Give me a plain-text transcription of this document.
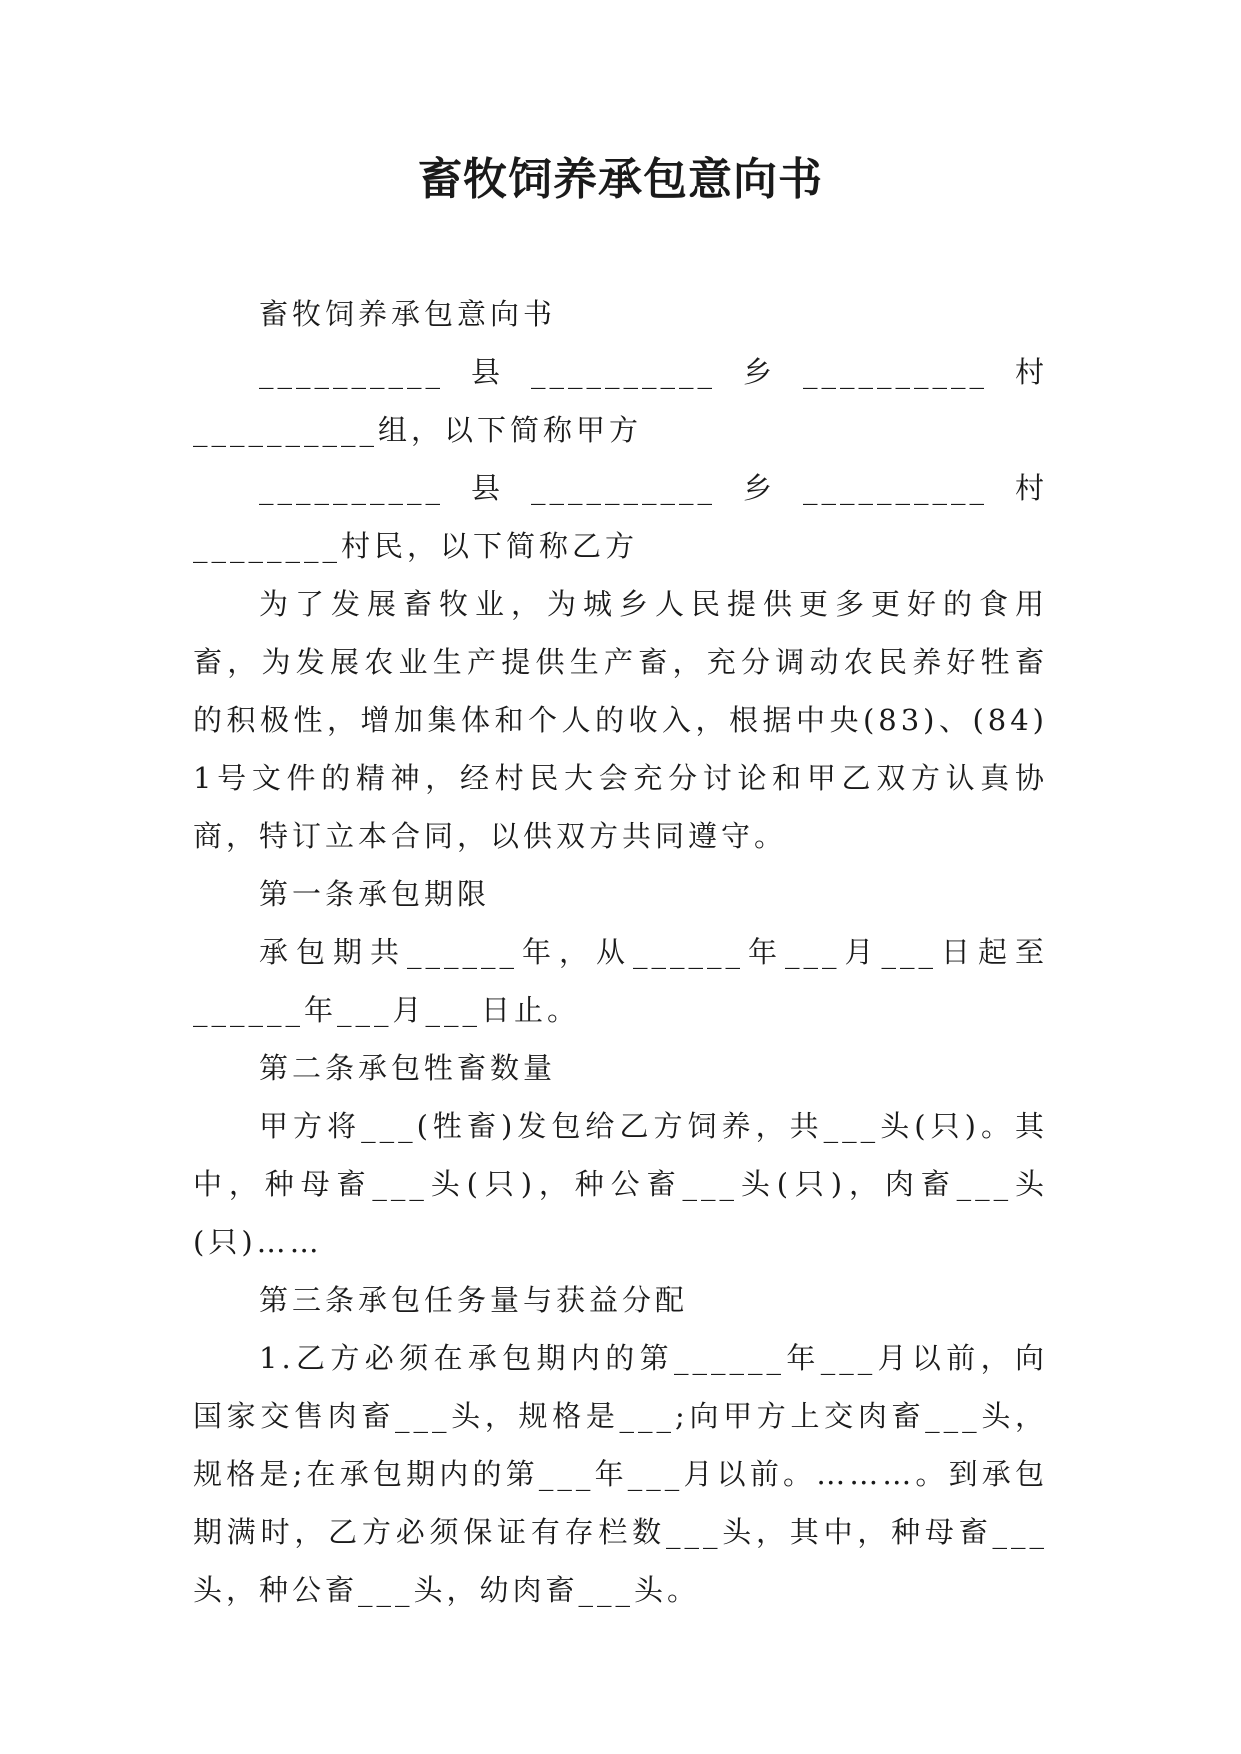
畜牧饲养承包意向书

畜牧饲养承包意向书

__________县__________乡__________村__________组，以下简称甲方

__________县__________乡__________村________村民，以下简称乙方

为了发展畜牧业，为城乡人民提供更多更好的食用畜，为发展农业生产提供生产畜，充分调动农民养好牲畜的积极性，增加集体和个人的收入，根据中央(83)、(84) 1号文件的精神，经村民大会充分讨论和甲乙双方认真协商，特订立本合同，以供双方共同遵守。

第一条承包期限

承包期共______年，从______年___月___日起至______年___月___日止。

第二条承包牲畜数量

甲方将___(牲畜)发包给乙方饲养，共___头(只)。其中，种母畜___头(只)，种公畜___头(只)，肉畜___头(只)……

第三条承包任务量与获益分配

1.乙方必须在承包期内的第______年___月以前，向国家交售肉畜___头，规格是___;向甲方上交肉畜___头，规格是;在承包期内的第___年___月以前。………。到承包期满时，乙方必须保证有存栏数___头，其中，种母畜___头，种公畜___头，幼肉畜___头。
